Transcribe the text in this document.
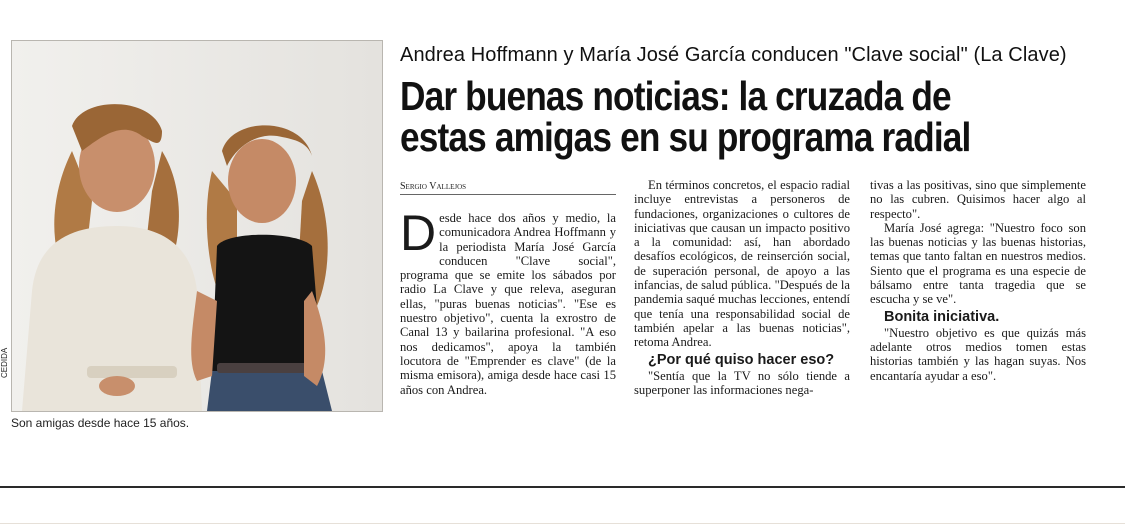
CEDIDA
Son amigas desde hace 15 años.
Andrea Hoffmann y María José García conducen "Clave social" (La Clave)
Dar buenas noticias: la cruzada de estas amigas en su programa radial
Sergio Vallejos
D esde hace dos años y medio, la comunicadora Andrea Hoffmann y la periodista María José García conducen "Clave social", programa que se emite los sábados por radio La Clave y que releva, aseguran ellas, "puras buenas noticias". "Ese es nuestro objetivo", cuenta la exrostro de Canal 13 y bailarina profesional. "A eso nos dedicamos", apoya la también locutora de "Emprender es clave" (de la misma emisora), amiga desde hace casi 15 años con Andrea.

En términos concretos, el espacio radial incluye entrevistas a personeros de fundaciones, organizaciones o cultores de iniciativas que causan un impacto positivo a la comunidad: así, han abordado desafíos ecológicos, de reinserción social, de superación personal, de apoyo a las infancias, de salud pública. "Después de la pandemia saqué muchas lecciones, entendí que tenía una responsabilidad social de también apelar a las buenas noticias", retoma Andrea.

¿Por qué quiso hacer eso?

"Sentía que la TV no sólo tiende a superponer las informaciones nega-

tivas a las positivas, sino que simplemente no las cubren. Quisimos hacer algo al respecto".

María José agrega: "Nuestro foco son las buenas noticias y las buenas historias, temas que tanto faltan en nuestros medios. Siento que el programa es una especie de bálsamo entre tanta tragedia que se escucha y se ve".

Bonita iniciativa.

"Nuestro objetivo es que quizás más adelante otros medios tomen estas historias también y las hagan suyas. Nos encantaría ayudar a eso".
